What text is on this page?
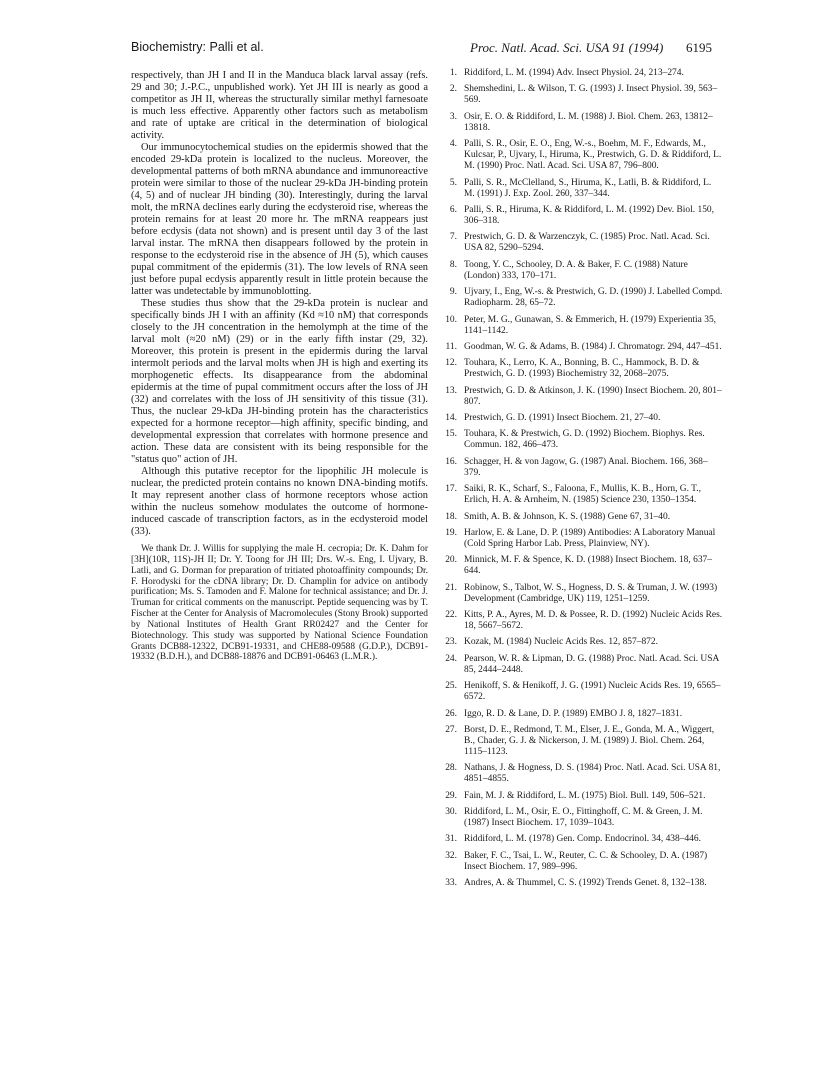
Biochemistry: Palli et al.	Proc. Natl. Acad. Sci. USA 91 (1994) 6195

respectively, than JH I and II in the Manduca black larval assay (refs. 29 and 30; J.-P.C., unpublished work). Yet JH III is nearly as good a competitor as JH II, whereas the structurally similar methyl farnesoate is much less effective. Apparently other factors such as metabolism and rate of uptake are critical in the determination of biological activity.

Our immunocytochemical studies on the epidermis showed that the encoded 29-kDa protein is localized to the nucleus. Moreover, the developmental patterns of both mRNA abundance and immunoreactive protein were similar to those of the nuclear 29-kDa JH-binding protein (4, 5) and of nuclear JH binding (30). Interestingly, during the larval molt, the mRNA declines early during the ecdysteroid rise, whereas the protein remains for at least 20 more hr. The mRNA reappears just before ecdysis (data not shown) and is present until day 3 of the last larval instar. The mRNA then disappears followed by the protein in response to the ecdysteroid rise in the absence of JH (5), which causes pupal commitment of the epidermis (31). The low levels of RNA seen just before pupal ecdysis apparently result in little protein because the latter was undetectable by immunoblotting.

These studies thus show that the 29-kDa protein is nuclear and specifically binds JH I with an affinity (Kd ≈10 nM) that corresponds closely to the JH concentration in the hemolymph at the time of the larval molt (≈20 nM) (29) or in the early fifth instar (29, 32). Moreover, this protein is present in the epidermis during the larval intermolt periods and the larval molts when JH is high and exerting its morphogenetic effects. Its disappearance from the abdominal epidermis at the time of pupal commitment occurs after the loss of JH (32) and correlates with the loss of JH sensitivity of this tissue (31). Thus, the nuclear 29-kDa JH-binding protein has the characteristics expected for a hormone receptor—high affinity, specific binding, and developmental expression that correlates with hormone presence and action. These data are consistent with its being responsible for the "status quo" action of JH.

Although this putative receptor for the lipophilic JH molecule is nuclear, the predicted protein contains no known DNA-binding motifs. It may represent another class of hormone receptors whose action within the nucleus somehow modulates the outcome of hormone-induced cascade of transcription factors, as in the ecdysteroid model (33).

We thank Dr. J. Willis for supplying the male H. cecropia; Dr. K. Dahm for [3H](10R, 11S)-JH II; Dr. Y. Toong for JH III; Drs. W.-s. Eng, I. Ujvary, B. Latli, and G. Dorman for preparation of tritiated photoaffinity compounds; Dr. F. Horodyski for the cDNA library; Dr. D. Champlin for advice on antibody purification; Ms. S. Tamoden and F. Malone for technical assistance; and Dr. J. Truman for critical comments on the manuscript. Peptide sequencing was by T. Fischer at the Center for Analysis of Macromolecules (Stony Brook) supported by National Institutes of Health Grant RR02427 and the Center for Biotechnology. This study was supported by National Science Foundation Grants DCB88-12322, DCB91-19331, and CHE88-09588 (G.D.P.), DCB91-19332 (B.D.H.), and DCB88-18876 and DCB91-06463 (L.M.R.).

1. Riddiford, L. M. (1994) Adv. Insect Physiol. 24, 213–274.
2. Shemshedini, L. & Wilson, T. G. (1993) J. Insect Physiol. 39, 563–569.
3. Osir, E. O. & Riddiford, L. M. (1988) J. Biol. Chem. 263, 13812–13818.
4. Palli, S. R., Osir, E. O., Eng, W.-s., Boehm, M. F., Edwards, M., Kulcsar, P., Ujvary, I., Hiruma, K., Prestwich, G. D. & Riddiford, L. M. (1990) Proc. Natl. Acad. Sci. USA 87, 796–800.
5. Palli, S. R., McClelland, S., Hiruma, K., Latli, B. & Riddiford, L. M. (1991) J. Exp. Zool. 260, 337–344.
6. Palli, S. R., Hiruma, K. & Riddiford, L. M. (1992) Dev. Biol. 150, 306–318.
7. Prestwich, G. D. & Warzenczyk, C. (1985) Proc. Natl. Acad. Sci. USA 82, 5290–5294.
8. Toong, Y. C., Schooley, D. A. & Baker, F. C. (1988) Nature (London) 333, 170–171.
9. Ujvary, I., Eng, W.-s. & Prestwich, G. D. (1990) J. Labelled Compd. Radiopharm. 28, 65–72.
10. Peter, M. G., Gunawan, S. & Emmerich, H. (1979) Experientia 35, 1141–1142.
11. Goodman, W. G. & Adams, B. (1984) J. Chromatogr. 294, 447–451.
12. Touhara, K., Lerro, K. A., Bonning, B. C., Hammock, B. D. & Prestwich, G. D. (1993) Biochemistry 32, 2068–2075.
13. Prestwich, G. D. & Atkinson, J. K. (1990) Insect Biochem. 20, 801–807.
14. Prestwich, G. D. (1991) Insect Biochem. 21, 27–40.
15. Touhara, K. & Prestwich, G. D. (1992) Biochem. Biophys. Res. Commun. 182, 466–473.
16. Schagger, H. & von Jagow, G. (1987) Anal. Biochem. 166, 368–379.
17. Saiki, R. K., Scharf, S., Faloona, F., Mullis, K. B., Horn, G. T., Erlich, H. A. & Arnheim, N. (1985) Science 230, 1350–1354.
18. Smith, A. B. & Johnson, K. S. (1988) Gene 67, 31–40.
19. Harlow, E. & Lane, D. P. (1989) Antibodies: A Laboratory Manual (Cold Spring Harbor Lab. Press, Plainview, NY).
20. Minnick, M. F. & Spence, K. D. (1988) Insect Biochem. 18, 637–644.
21. Robinow, S., Talbot, W. S., Hogness, D. S. & Truman, J. W. (1993) Development (Cambridge, UK) 119, 1251–1259.
22. Kitts, P. A., Ayres, M. D. & Possee, R. D. (1992) Nucleic Acids Res. 18, 5667–5672.
23. Kozak, M. (1984) Nucleic Acids Res. 12, 857–872.
24. Pearson, W. R. & Lipman, D. G. (1988) Proc. Natl. Acad. Sci. USA 85, 2444–2448.
25. Henikoff, S. & Henikoff, J. G. (1991) Nucleic Acids Res. 19, 6565–6572.
26. Iggo, R. D. & Lane, D. P. (1989) EMBO J. 8, 1827–1831.
27. Borst, D. E., Redmond, T. M., Elser, J. E., Gonda, M. A., Wiggert, B., Chader, G. J. & Nickerson, J. M. (1989) J. Biol. Chem. 264, 1115–1123.
28. Nathans, J. & Hogness, D. S. (1984) Proc. Natl. Acad. Sci. USA 81, 4851–4855.
29. Fain, M. J. & Riddiford, L. M. (1975) Biol. Bull. 149, 506–521.
30. Riddiford, L. M., Osir, E. O., Fittinghoff, C. M. & Green, J. M. (1987) Insect Biochem. 17, 1039–1043.
31. Riddiford, L. M. (1978) Gen. Comp. Endocrinol. 34, 438–446.
32. Baker, F. C., Tsai, L. W., Reuter, C. C. & Schooley, D. A. (1987) Insect Biochem. 17, 989–996.
33. Andres, A. & Thummel, C. S. (1992) Trends Genet. 8, 132–138.
